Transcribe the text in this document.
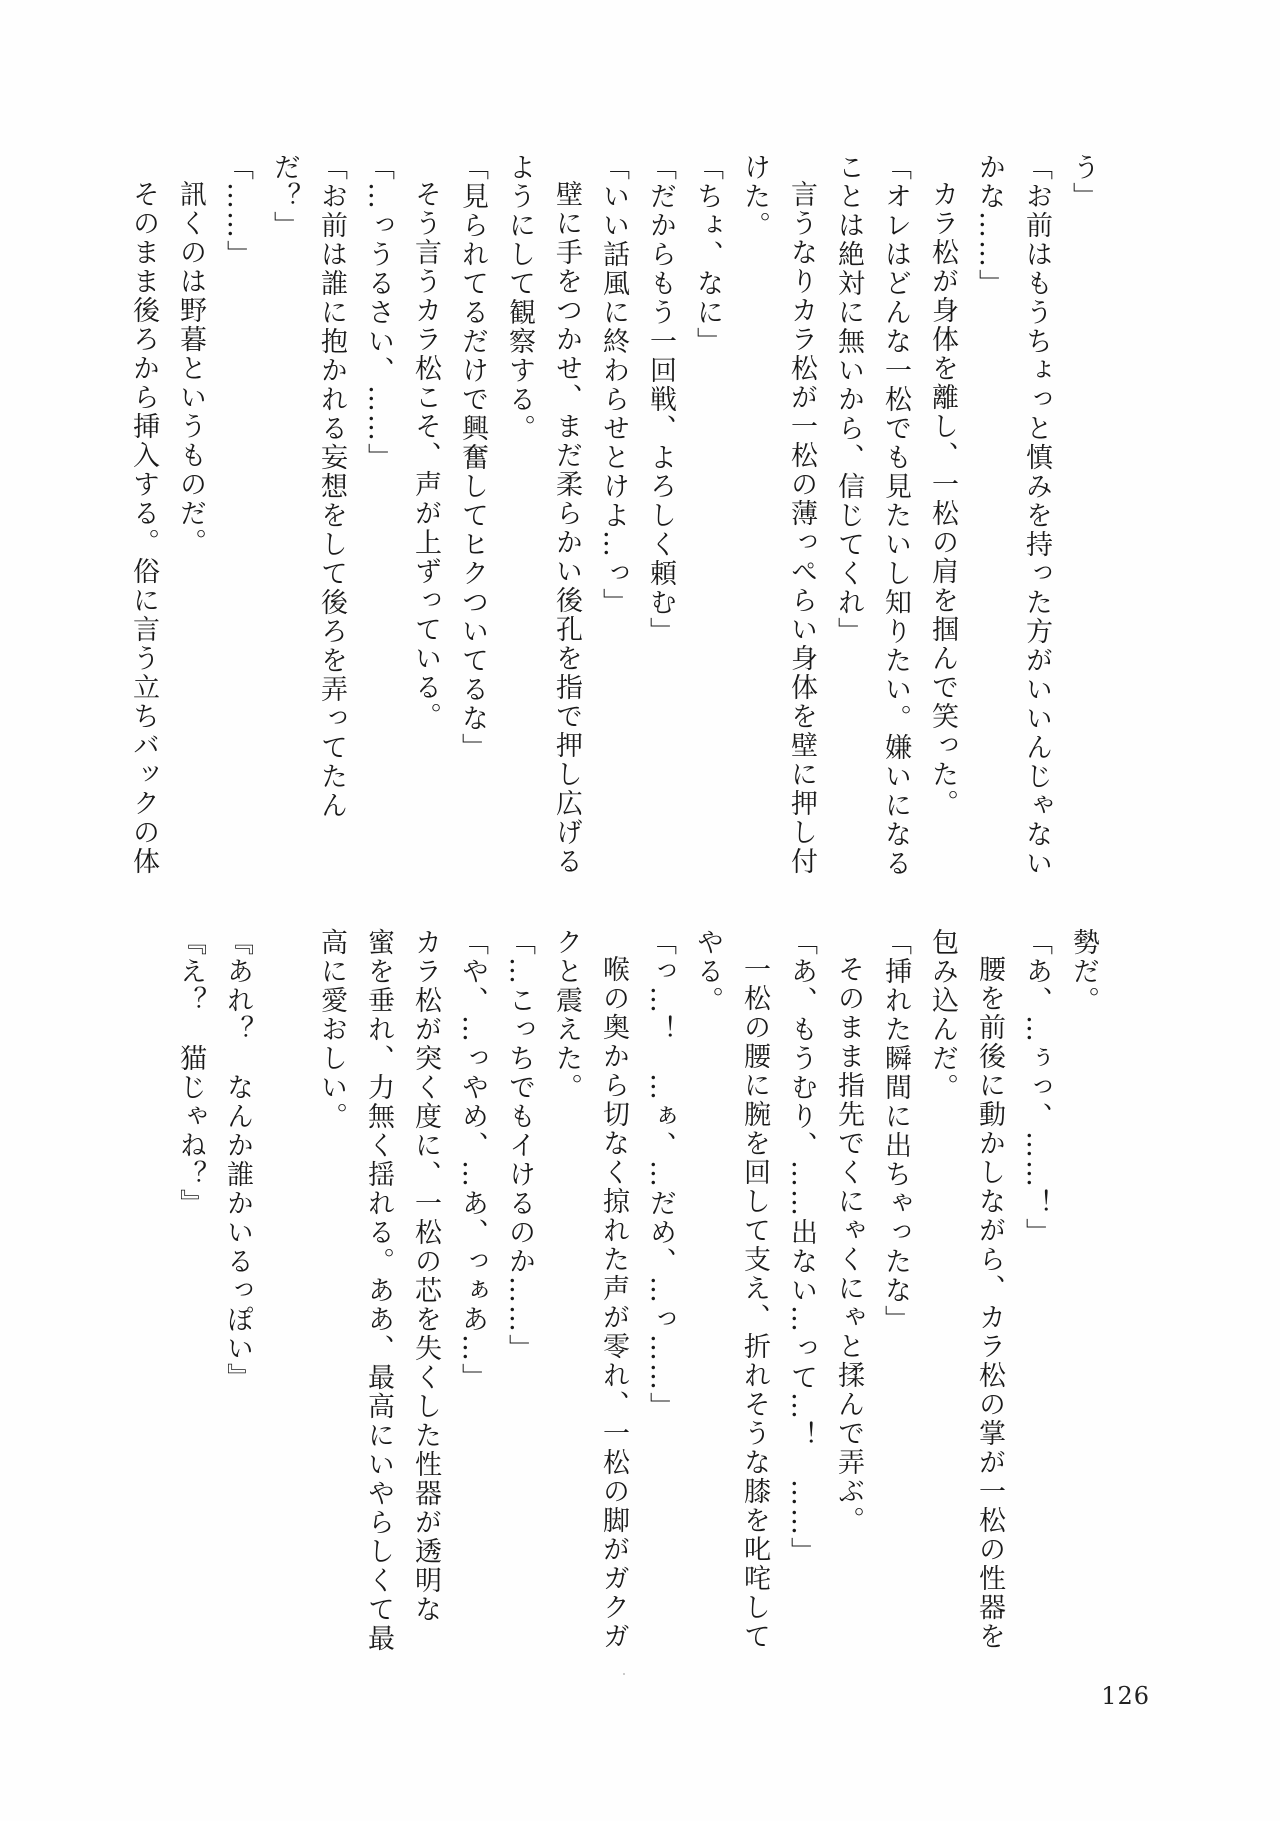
う」

「お前はもうちょっと慎みを持った方がいいんじゃない

かな……」

カラ松が身体を離し、一松の肩を掴んで笑った。

「オレはどんな一松でも見たいし知りたい。嫌いになる

ことは絶対に無いから、信じてくれ」

言うなりカラ松が一松の薄っぺらい身体を壁に押し付

けた。

「ちょ、なに」

「だからもう一回戦、よろしく頼む」

「いい話風に終わらせとけよ…っ」

壁に手をつかせ、まだ柔らかい後孔を指で押し広げる

ようにして観察する。

「見られてるだけで興奮してヒクついてるな」

そう言うカラ松こそ、声が上ずっている。

「…っうるさい、……」

「お前は誰に抱かれる妄想をして後ろを弄ってたん

だ？」

「……」

訊くのは野暮というものだ。

そのまま後ろから挿入する。俗に言う立ちバックの体

勢だ。

「あ、…ぅっ、……！」

腰を前後に動かしながら、カラ松の掌が一松の性器を

包み込んだ。

「挿れた瞬間に出ちゃったな」

そのまま指先でくにゃくにゃと揉んで弄ぶ。

「あ、もうむり、……出ない…って…！　……」

一松の腰に腕を回して支え、折れそうな膝を叱咤して

やる。

「っ…！　…ぁ、…だめ、…っ……」

喉の奥から切なく掠れた声が零れ、一松の脚がガクガ

クと震えた。

「…こっちでもイけるのか……」

「や、…っやめ、…あ、っぁあ…」

カラ松が突く度に、一松の芯を失くした性器が透明な

蜜を垂れ、力無く揺れる。ああ、最高にいやらしくて最

高に愛おしい。

『あれ？　なんか誰かいるっぽい』

『え？　猫じゃね？』

126
